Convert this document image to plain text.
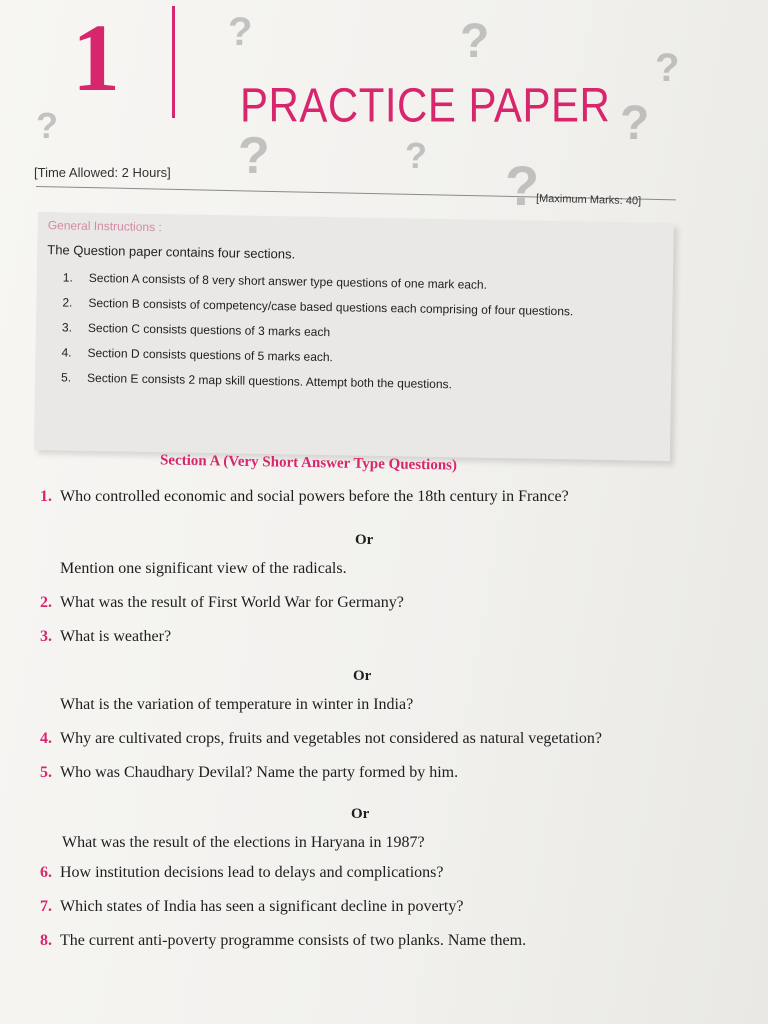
?	?	?
?
?	? ?
?
1	PRACTICE PAPER
[Time Allowed: 2 Hours]
[Maximum Marks: 40]
General Instructions :
The Question paper contains four sections.
1.	Section A consists of 8 very short answer type questions of one mark each.
2.	Section B consists of competency/case based questions each comprising of four questions.
3.	Section C consists questions of 3 marks each
4.	Section D consists questions of 5 marks each.
5.	Section E consists 2 map skill questions. Attempt both the questions.
Section A (Very Short Answer Type Questions)
1. Who controlled economic and social powers before the 18th century in France?
Or
Mention one significant view of the radicals.
2. What was the result of First World War for Germany?
3. What is weather?
Or
What is the variation of temperature in winter in India?
4. Why are cultivated crops, fruits and vegetables not considered as natural vegetation?
5. Who was Chaudhary Devilal? Name the party formed by him.
Or
What was the result of the elections in Haryana in 1987?
6. How institution decisions lead to delays and complications?
7. Which states of India has seen a significant decline in poverty?
8. The current anti-poverty programme consists of two planks. Name them.
